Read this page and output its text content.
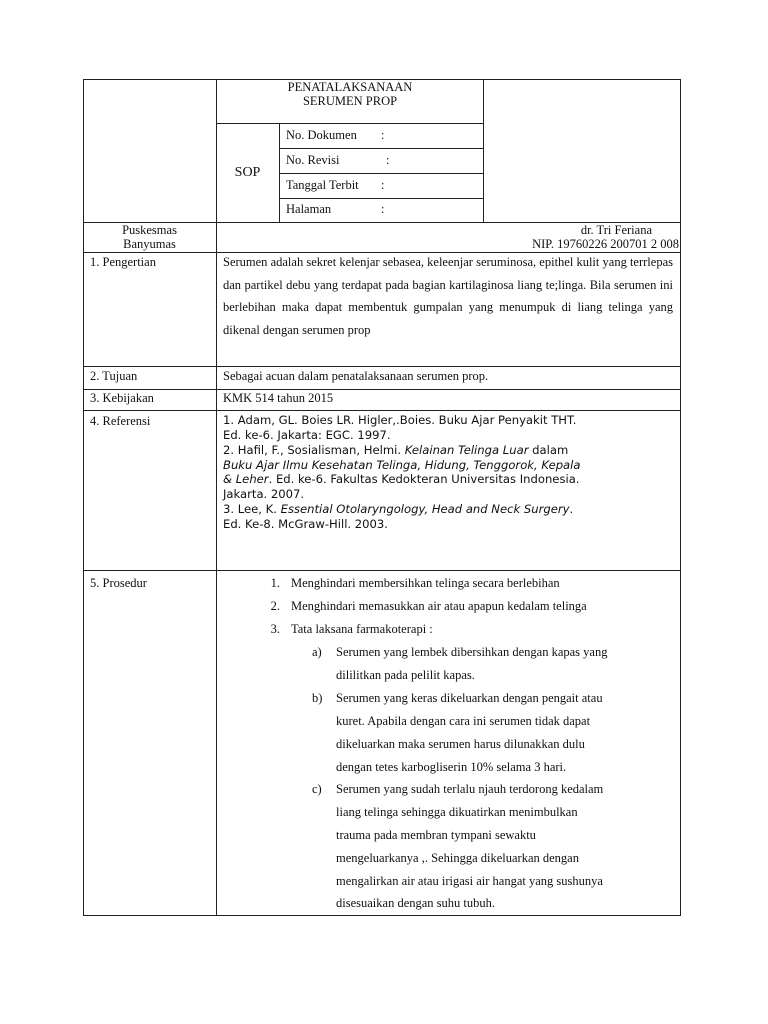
PENATALAKSANAAN
SERUMEN PROP
SOP
No. Dokumen :
No. Revisi	:
Tanggal Terbit :
Halaman	:
Puskesmas
Banyumas
dr. Tri Feriana
NIP. 19760226 200701 2 008
1. Pengertian	Serumen adalah sekret kelenjar sebasea, keleenjar seruminosa, epithel kulit yang terrlepas dan partikel debu yang terdapat pada bagian kartilaginosa liang te;linga. Bila serumen ini berlebihan maka dapat membentuk gumpalan yang menumpuk di liang telinga yang dikenal dengan serumen prop
2. Tujuan	Sebagai acuan dalam penatalaksanaan serumen prop.
3. Kebijakan	KMK 514 tahun 2015
4. Referensi	1. Adam, GL. Boies LR. Higler,.Boies. Buku Ajar Penyakit THT.
Ed. ke-6. Jakarta: EGC. 1997.
2. Hafil, F., Sosialisman, Helmi. Kelainan Telinga Luar dalam
Buku Ajar Ilmu Kesehatan Telinga, Hidung, Tenggorok, Kepala
& Leher. Ed. ke-6. Fakultas Kedokteran Universitas Indonesia.
Jakarta. 2007.
3. Lee, K. Essential Otolaryngology, Head and Neck Surgery.
Ed. Ke-8. McGraw-Hill. 2003.
5. Prosedur	1. Menghindari membersihkan telinga secara berlebihan
2. Menghindari memasukkan air atau apapun kedalam telinga
3. Tata laksana farmakoterapi :
a) Serumen yang lembek dibersihkan dengan kapas yang
dililitkan pada pelilit kapas.
b) Serumen yang keras dikeluarkan dengan pengait atau
kuret. Apabila dengan cara ini serumen tidak dapat
dikeluarkan maka serumen harus dilunakkan dulu
dengan tetes karbogliserin 10% selama 3 hari.
c) Serumen yang sudah terlalu njauh terdorong kedalam
liang telinga sehingga dikuatirkan menimbulkan
trauma pada membran tympani sewaktu
mengeluarkanya ,. Sehingga dikeluarkan dengan
mengalirkan air atau irigasi air hangat yang sushunya
disesuaikan dengan suhu tubuh.
